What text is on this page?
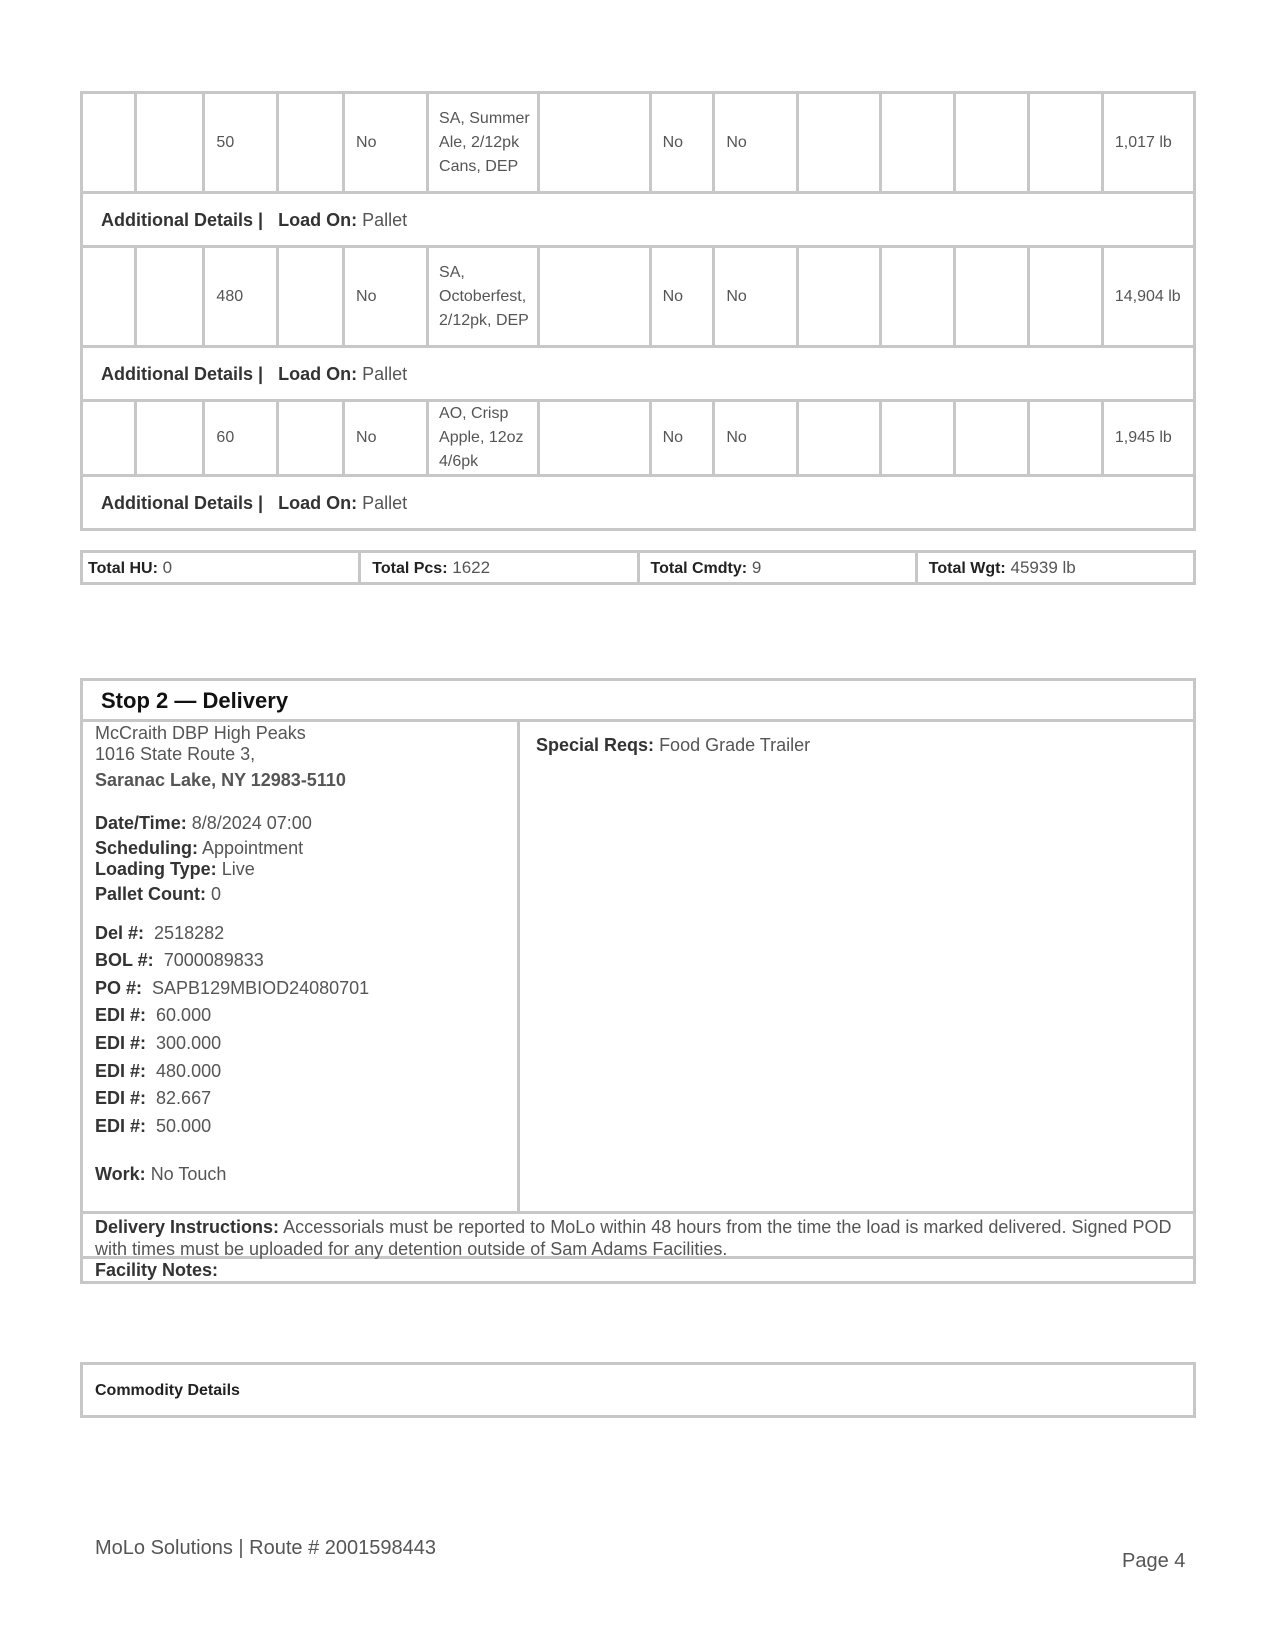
		50		No	SA, Summer Ale, 2/12pk Cans, DEP		No	No					1,017 lb
Additional Details | Load On: Pallet													
		480		No	SA, Octoberfest, 2/12pk, DEP		No	No					14,904 lb
Additional Details | Load On: Pallet													
		60		No	AO, Crisp Apple, 12oz 4/6pk		No	No					1,945 lb
Additional Details | Load On: Pallet													
Total HU: 0	Total Pcs: 1622	Total Cmdty: 9	Total Wgt: 45939 lb
Stop 2 — Delivery
McCraith DBP High Peaks
1016 State Route 3,
Saranac Lake, NY 12983-5110
Date/Time: 8/8/2024 07:00
Scheduling: Appointment
Loading Type: Live
Pallet Count: 0
Del #: 2518282
BOL #: 7000089833
PO #: SAPB129MBIOD24080701
EDI #: 60.000
EDI #: 300.000
EDI #: 480.000
EDI #: 82.667
EDI #: 50.000
Work: No Touch
Special Reqs: Food Grade Trailer
Delivery Instructions: Accessorials must be reported to MoLo within 48 hours from the time the load is marked delivered. Signed POD with times must be uploaded for any detention outside of Sam Adams Facilities.
Facility Notes:
Commodity Details
MoLo Solutions | Route # 2001598443
Page 4
